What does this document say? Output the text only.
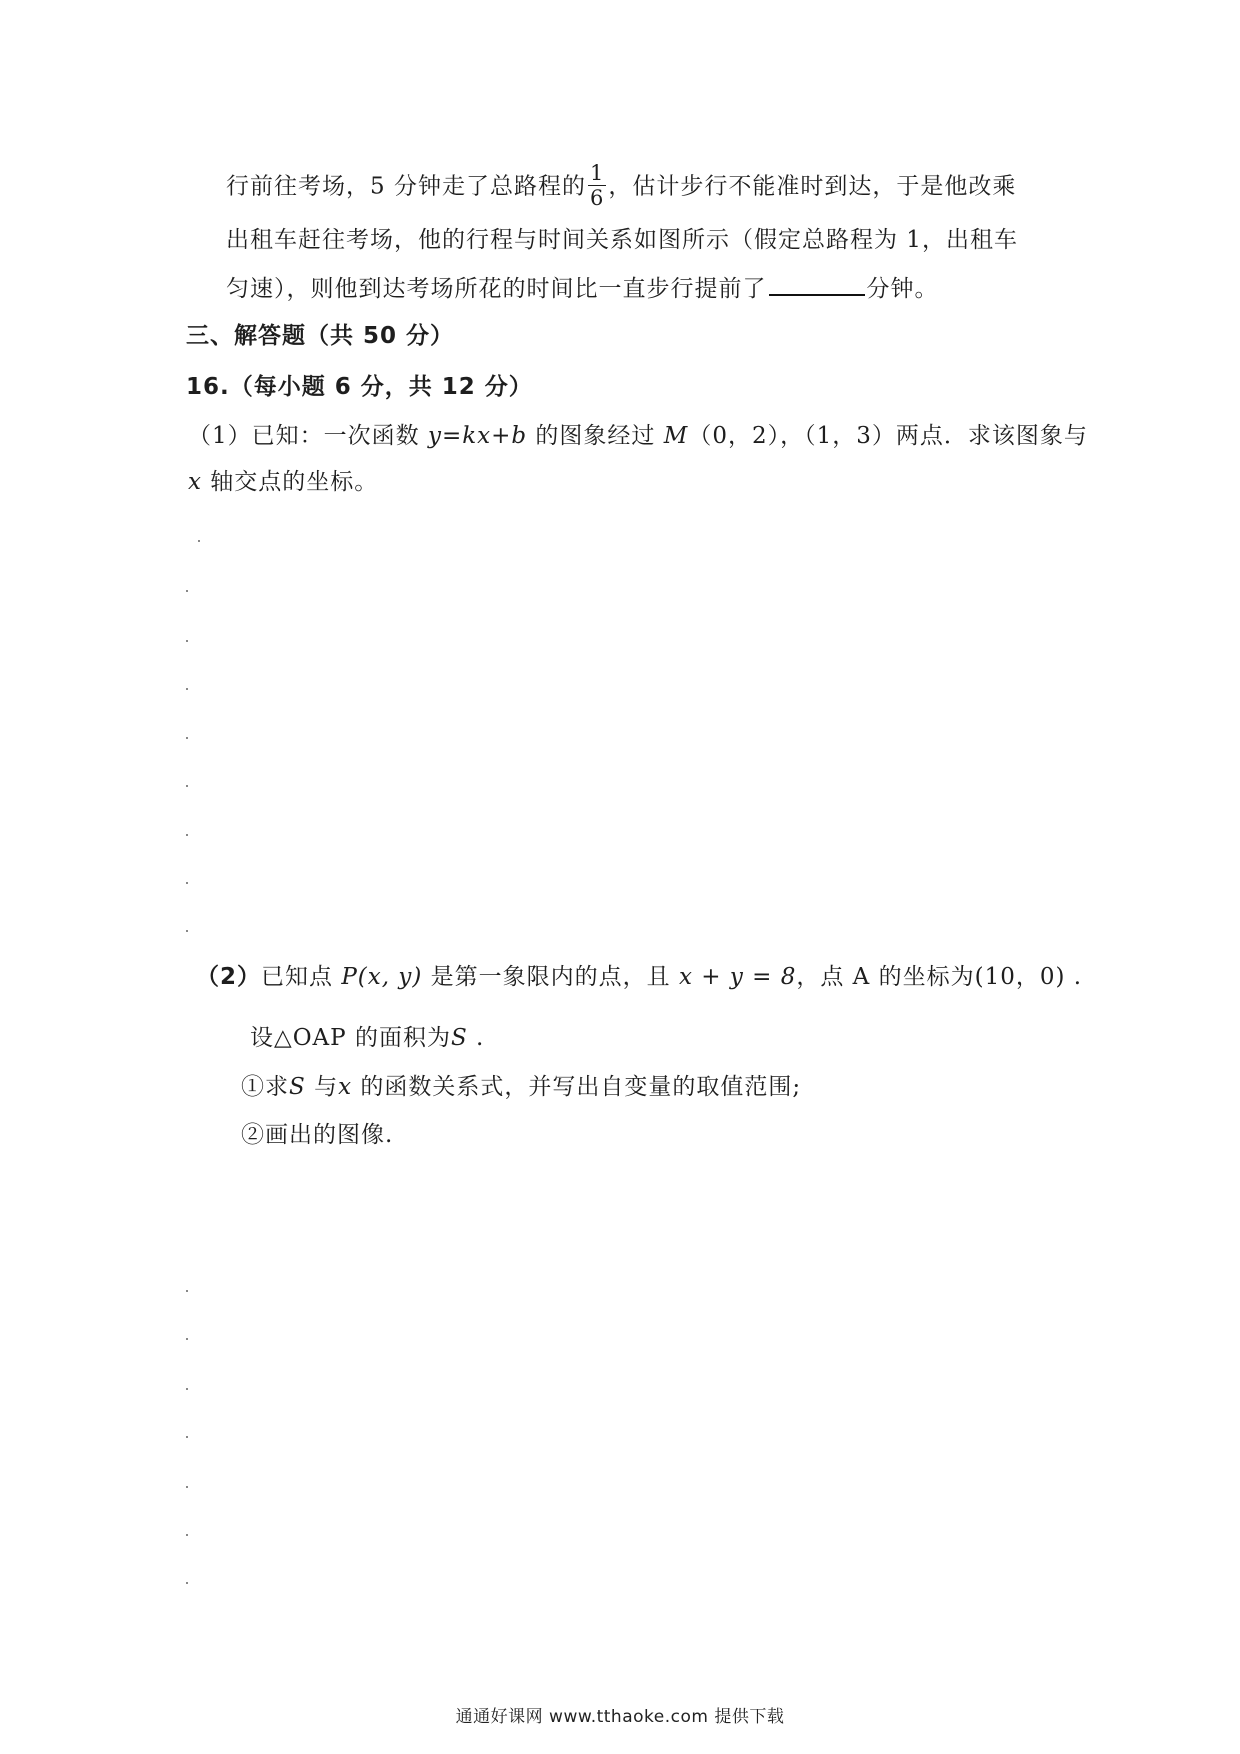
行前往考场，5 分钟走了总路程的 $\frac{1}{6}$ ，估计步行不能准时到达，于是他改乘
出租车赶往考场，他的行程与时间关系如图所示（假定总路程为 1，出租车
匀速），则他到达考场所花的时间比一直步行提前了	分钟。
三、解答题（共 50 分）
16.（每小题 6 分，共 12 分）
（1）已知：一次函数 y=kx+b 的图象经过 M（0，2），（1，3）两点．求该图象与
x 轴交点的坐标。
（2）已知点 P(x, y) 是第一象限内的点，且 x + y = 8，点 A 的坐标为(10，0) .
设△OAP 的面积为S .
①求S 与x 的函数关系式，并写出自变量的取值范围;
②画出的图像.
通通好课网 www.tthaoke.com 提供下载
